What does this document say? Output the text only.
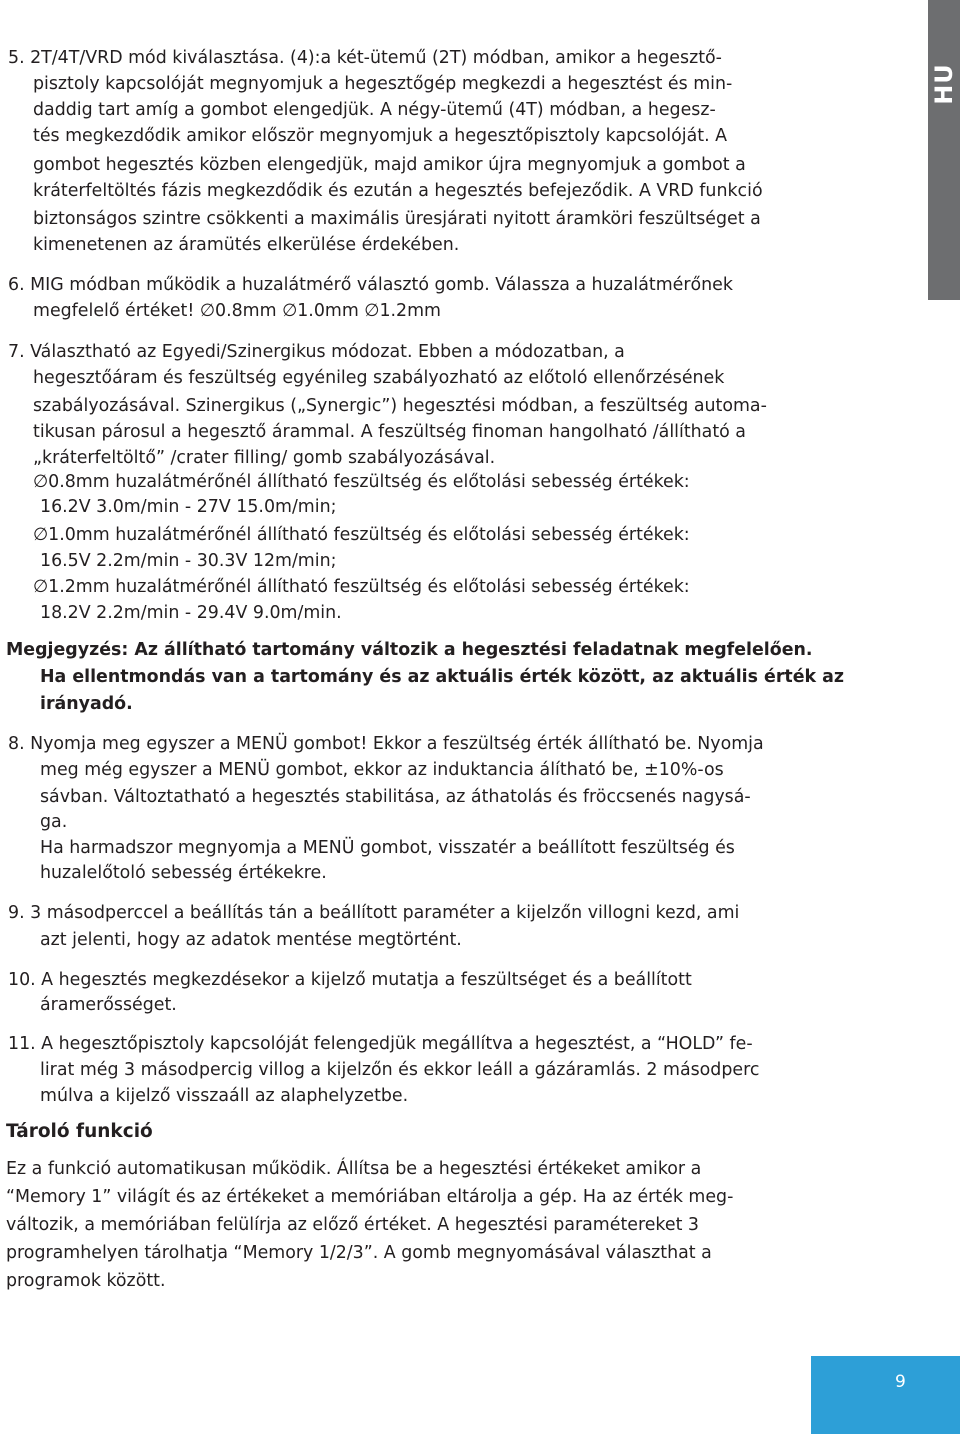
HU
5. 2T/4T/VRD mód kiválasztása. (4):a két-ütemű (2T) módban, amikor a hegesztő-
pisztoly kapcsolóját megnyomjuk a hegesztőgép megkezdi a hegesztést és min-
daddig tart amíg a gombot elengedjük. A négy-ütemű (4T) módban, a hegesz-
tés megkezdődik amikor először megnyomjuk a hegesztőpisztoly kapcsolóját. A
gombot hegesztés közben elengedjük, majd amikor újra megnyomjuk a gombot a
kráterfeltöltés fázis megkezdődik és ezután a hegesztés befejeződik. A VRD funkció
biztonságos szintre csökkenti a maximális üresjárati nyitott áramköri feszültséget a
kimenetenen az áramütés elkerülése érdekében.
6. MIG módban működik a huzalátmérő választó gomb. Válassza a huzalátmérőnek
megfelelő értéket! ∅0.8mm ∅1.0mm ∅1.2mm
7. Választható az Egyedi/Szinergikus módozat. Ebben a módozatban, a
hegesztőáram és feszültség egyénileg szabályozható az előtoló ellenőrzésének
szabályozásával. Szinergikus („Synergic”) hegesztési módban, a feszültség automa-
tikusan párosul a hegesztő árammal. A feszültség finoman hangolható /állítható a
„kráterfeltöltő” /crater filling/ gomb szabályozásával.
∅0.8mm huzalátmérőnél állítható feszültség és előtolási sebesség értékek:
16.2V 3.0m/min - 27V 15.0m/min;
∅1.0mm huzalátmérőnél állítható feszültség és előtolási sebesség értékek:
16.5V 2.2m/min - 30.3V 12m/min;
∅1.2mm huzalátmérőnél állítható feszültség és előtolási sebesség értékek:
18.2V 2.2m/min - 29.4V 9.0m/min.
Megjegyzés: Az állítható tartomány változik a hegesztési feladatnak megfelelően.
Ha ellentmondás van a tartomány és az aktuális érték között, az aktuális érték az
irányadó.
8. Nyomja meg egyszer a MENÜ gombot! Ekkor a feszültség érték állítható be. Nyomja
meg még egyszer a MENÜ gombot, ekkor az induktancia álítható be, ±10%-os
sávban. Változtatható a hegesztés stabilitása, az áthatolás és fröccsenés nagysá-
ga.
Ha harmadszor megnyomja a MENÜ gombot, visszatér a beállított feszültség és
huzalelőtoló sebesség értékekre.
9. 3 másodperccel a beállítás tán a beállított paraméter a kijelzőn villogni kezd, ami
azt jelenti, hogy az adatok mentése megtörtént.
10. A hegesztés megkezdésekor a kijelző mutatja a feszültséget és a beállított
áramerősséget.
11. A hegesztőpisztoly kapcsolóját felengedjük megállítva a hegesztést, a “HOLD” fe-
lirat még 3 másodpercig villog a kijelzőn és ekkor leáll a gázáramlás. 2 másodperc
múlva a kijelző visszaáll az alaphelyzetbe.
Tároló funkció
Ez a funkció automatikusan működik. Állítsa be a hegesztési értékeket amikor a
“Memory 1” világít és az értékeket a memóriában eltárolja a gép. Ha az érték meg-
változik, a memóriában felülírja az előző értéket. A hegesztési paramétereket 3
programhelyen tárolhatja “Memory 1/2/3”. A gomb megnyomásával választhat a
programok között.
9
